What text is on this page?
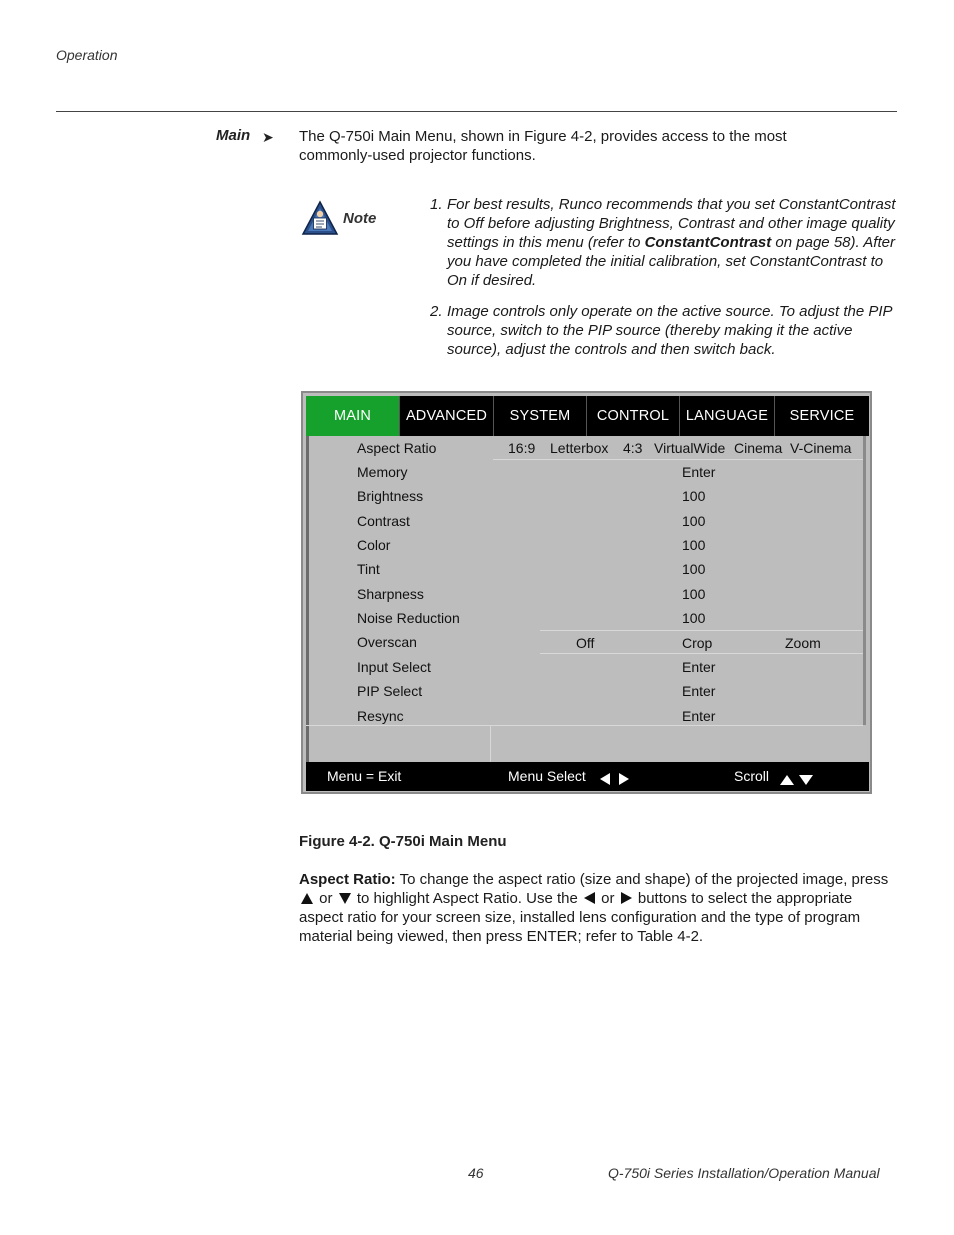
Operation
Main ➤ The Q-750i Main Menu, shown in Figure 4-2, provides access to the most commonly-used projector functions.
Note
1. For best results, Runco recommends that you set ConstantContrast to Off before adjusting Brightness, Contrast and other image quality settings in this menu (refer to ConstantContrast on page 58). After you have completed the initial calibration, set ConstantContrast to On if desired.
2. Image controls only operate on the active source. To adjust the PIP source, switch to the PIP source (thereby making it the active source), adjust the controls and then switch back.
MAIN	ADVANCED	SYSTEM	CONTROL	LANGUAGE	SERVICE
Aspect Ratio	16:9 Letterbox 4:3 VirtualWide Cinema V-Cinema
Memory	Enter
Brightness	100
Contrast	100
Color	100
Tint	100
Sharpness	100
Noise Reduction	100
Overscan	Off	Crop	Zoom
Input Select	Enter
PIP Select	Enter
Resync	Enter
Menu = Exit	Menu Select	Scroll
Figure 4-2. Q-750i Main Menu
Aspect Ratio: To change the aspect ratio (size and shape) of the projected image, press
or  to highlight Aspect Ratio. Use the  or  buttons to select the appropriate aspect ratio for your screen size, installed lens configuration and the type of program material being viewed, then press ENTER; refer to Table 4-2.
46	Q-750i Series Installation/Operation Manual
